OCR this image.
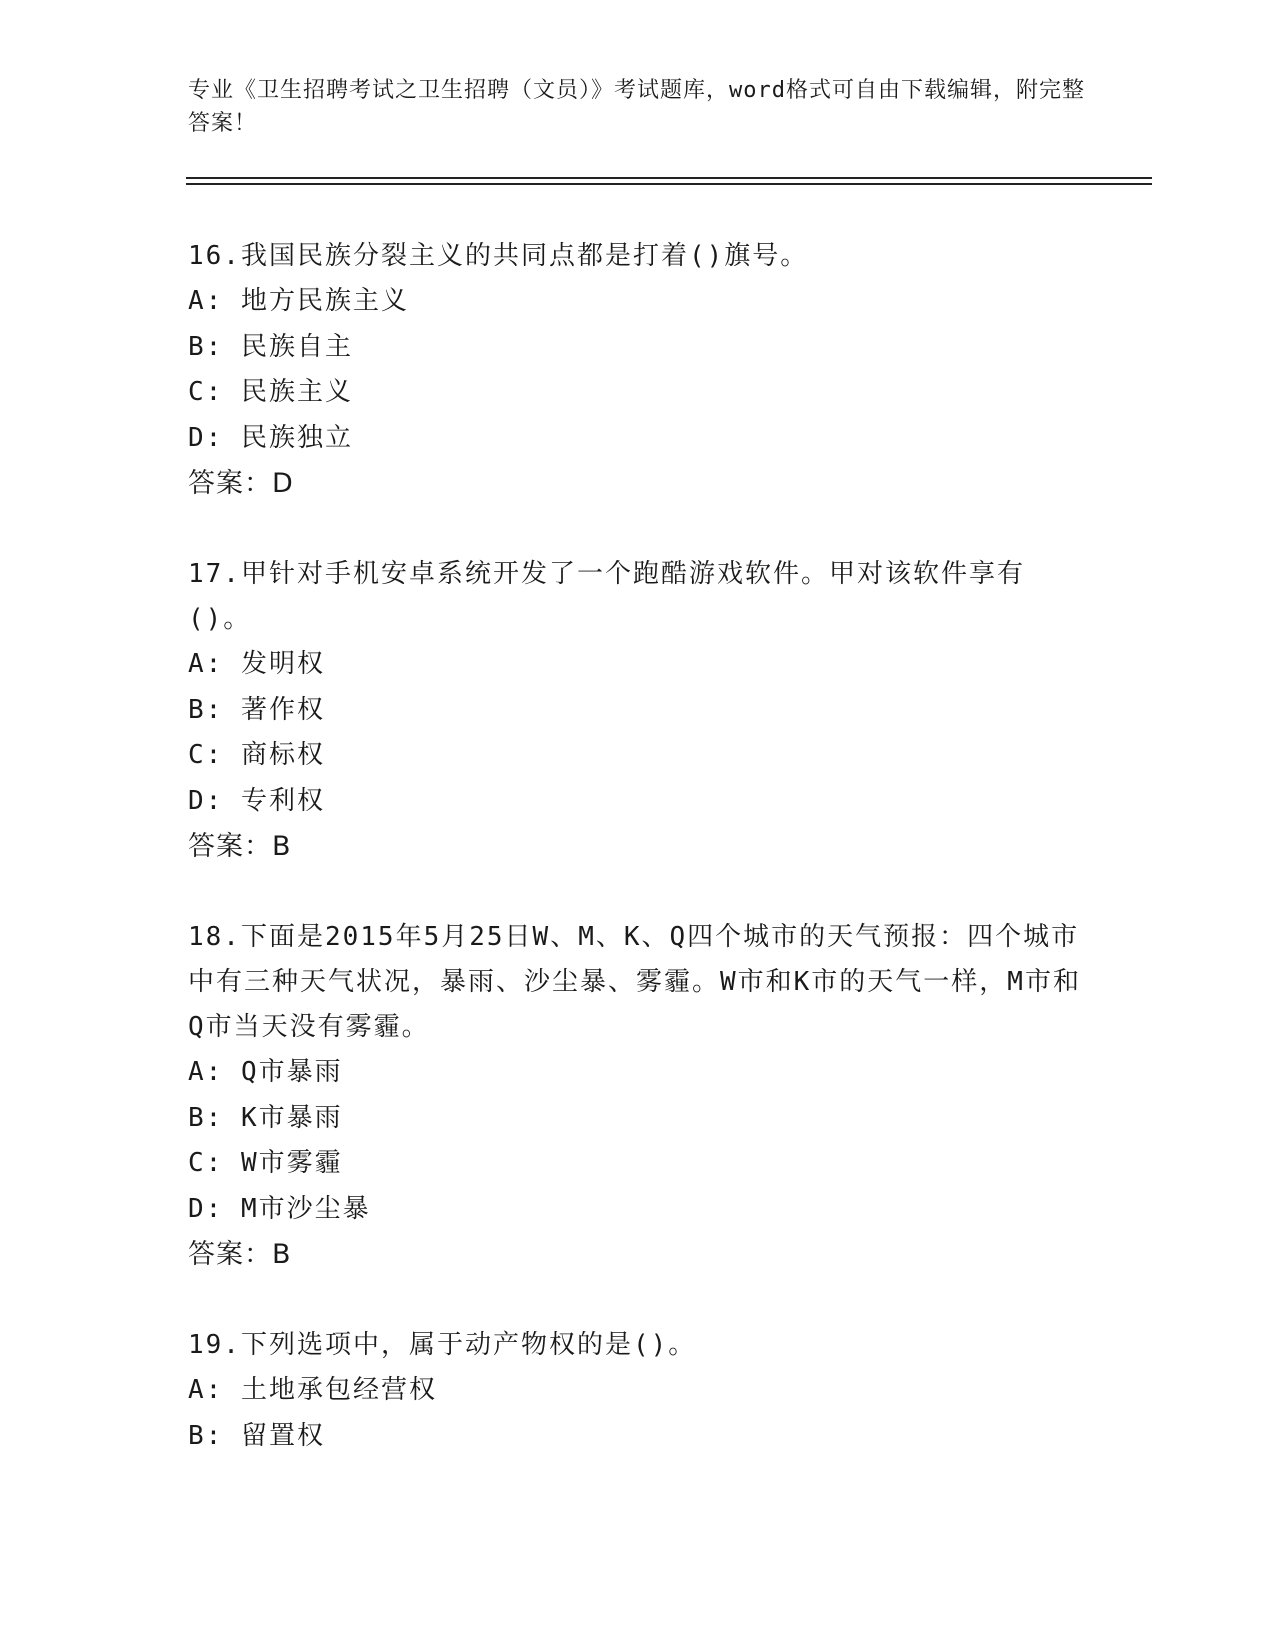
专业《卫生招聘考试之卫生招聘（文员）》考试题库，word格式可自由下载编辑，附完整答案！
16.我国民族分裂主义的共同点都是打着()旗号。
A: 地方民族主义
B: 民族自主
C: 民族主义
D: 民族独立
答案：D
17.甲针对手机安卓系统开发了一个跑酷游戏软件。甲对该软件享有()。
A: 发明权
B: 著作权
C: 商标权
D: 专利权
答案：B
18.下面是2015年5月25日W、M、K、Q四个城市的天气预报：四个城市中有三种天气状况，暴雨、沙尘暴、雾霾。W市和K市的天气一样，M市和Q市当天没有雾霾。
A: Q市暴雨
B: K市暴雨
C: W市雾霾
D: M市沙尘暴
答案：B
19.下列选项中，属于动产物权的是()。
A: 土地承包经营权
B: 留置权
